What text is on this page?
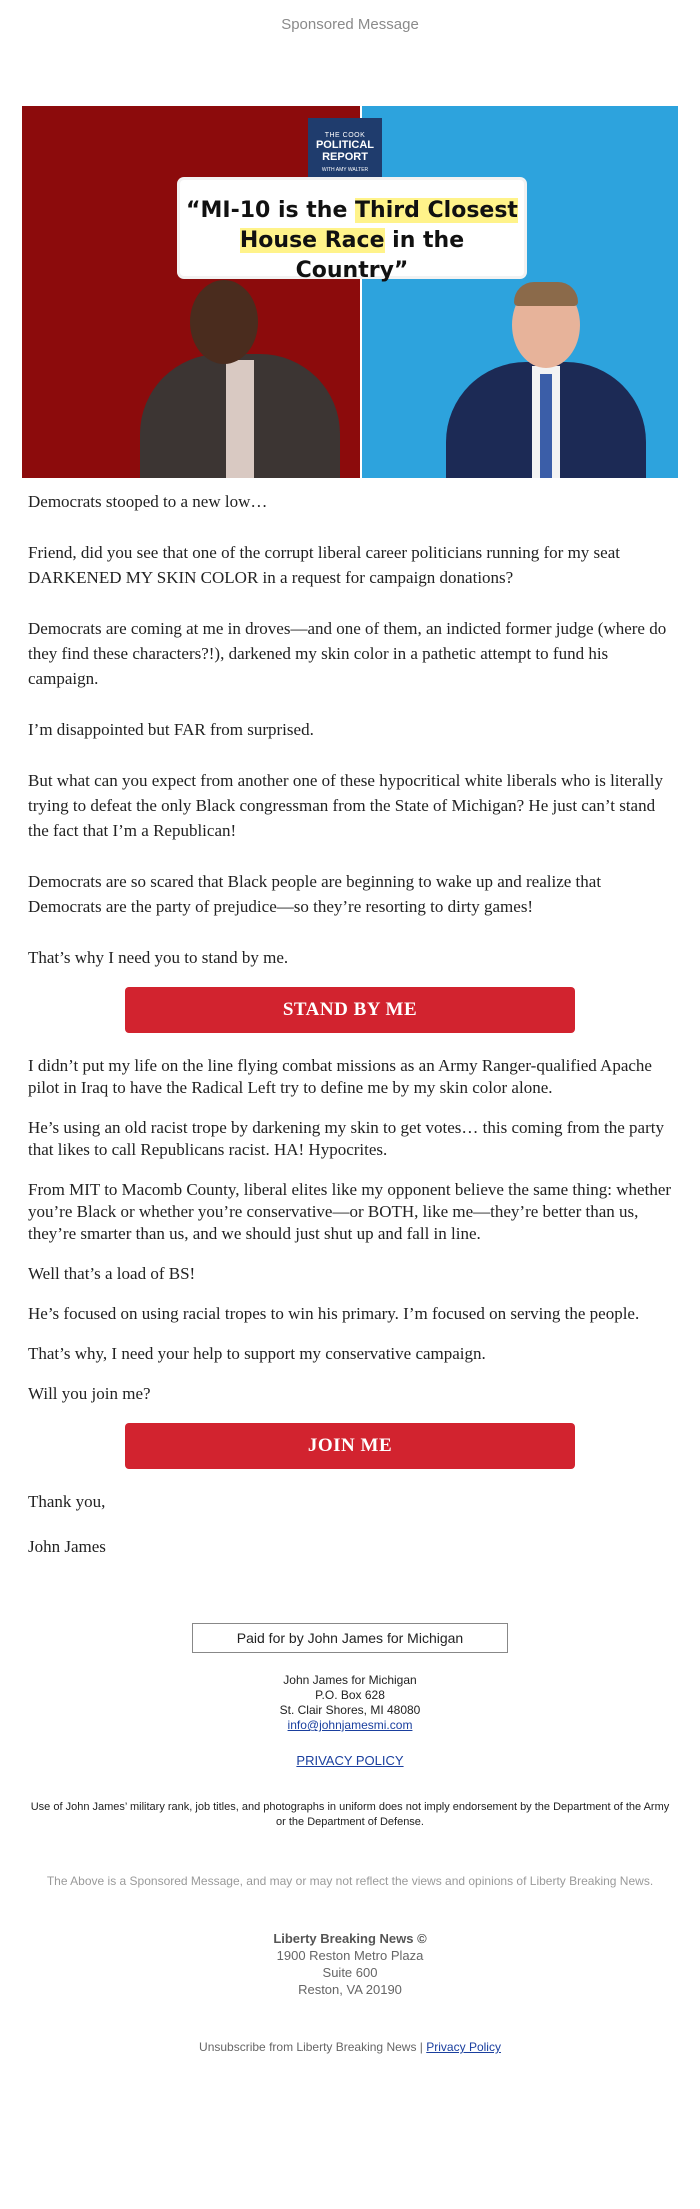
Sponsored Message
THE COOK
POLITICAL
REPORT
WITH AMY WALTER
“MI-10 is the Third Closest
House Race in the Country”

Democrats stooped to a new low…

Friend, did you see that one of the corrupt liberal career politicians running for my seat DARKENED MY SKIN COLOR in a request for campaign donations?

Democrats are coming at me in droves—and one of them, an indicted former judge (where do they find these characters?!), darkened my skin color in a pathetic attempt to fund his campaign.

I’m disappointed but FAR from surprised.

But what can you expect from another one of these hypocritical white liberals who is literally trying to defeat the only Black congressman from the State of Michigan? He just can’t stand the fact that I’m a Republican!

Democrats are so scared that Black people are beginning to wake up and realize that Democrats are the party of prejudice—so they’re resorting to dirty games!

That’s why I need you to stand by me.

STAND BY ME

I didn’t put my life on the line flying combat missions as an Army Ranger-qualified Apache pilot in Iraq to have the Radical Left try to define me by my skin color alone.

He’s using an old racist trope by darkening my skin to get votes… this coming from the party that likes to call Republicans racist. HA! Hypocrites.

From MIT to Macomb County, liberal elites like my opponent believe the same thing: whether you’re Black or whether you’re conservative—or BOTH, like me—they’re better than us, they’re smarter than us, and we should just shut up and fall in line.

Well that’s a load of BS!

He’s focused on using racial tropes to win his primary. I’m focused on serving the people.

That’s why, I need your help to support my conservative campaign.

Will you join me?

JOIN ME

Thank you,

John James

Paid for by John James for Michigan
John James for Michigan
P.O. Box 628
St. Clair Shores, MI 48080
info@johnjamesmi.com
PRIVACY POLICY
Use of John James’ military rank, job titles, and photographs in uniform does not imply endorsement by the Department of the Army or the Department of Defense.
The Above is a Sponsored Message, and may or may not reflect the views and opinions of Liberty Breaking News.
Liberty Breaking News ©
1900 Reston Metro Plaza
Suite 600
Reston, VA 20190
Unsubscribe from Liberty Breaking News | Privacy Policy
